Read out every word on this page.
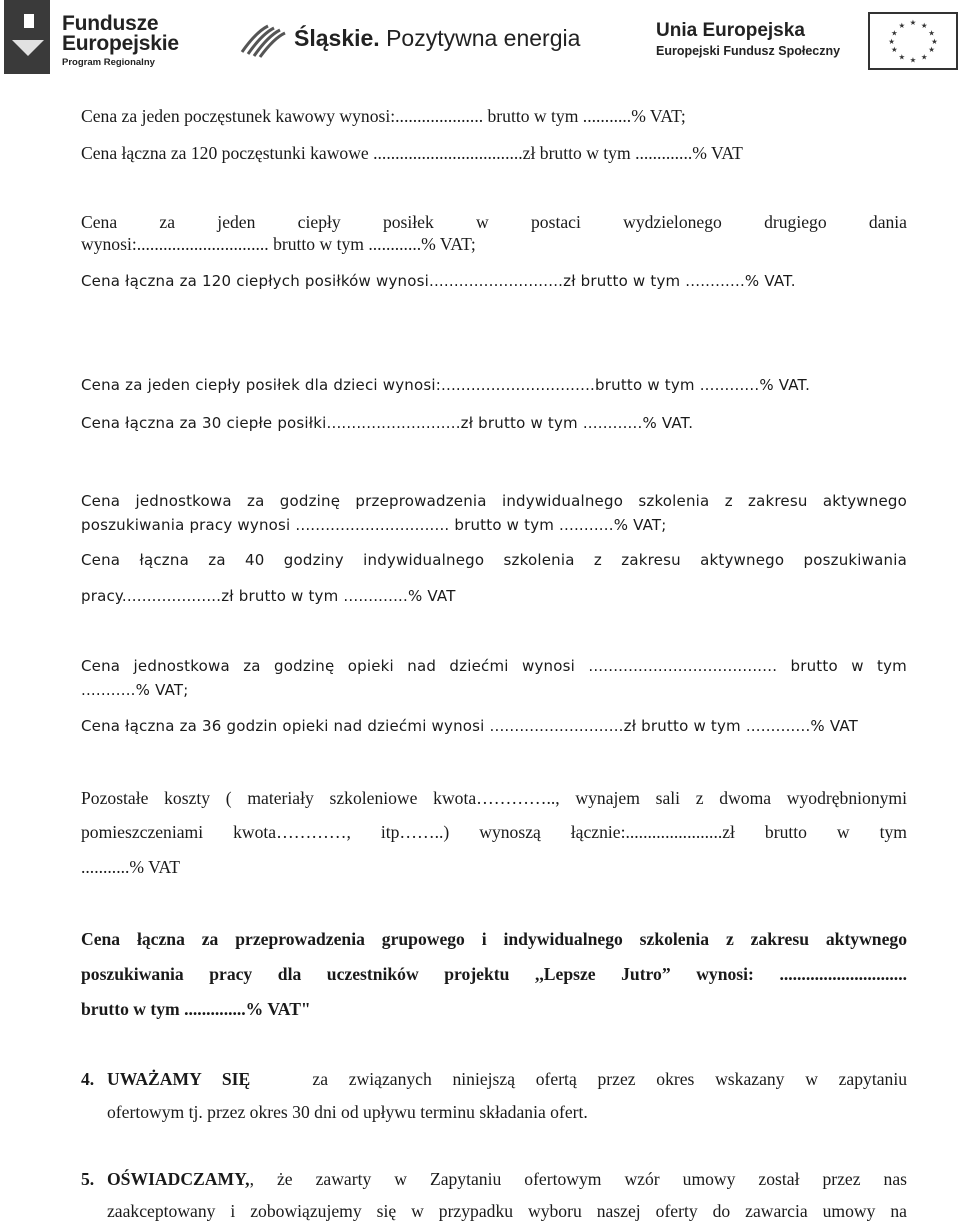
Fundusze
Europejskie
Program Regionalny
Śląskie. Pozytywna energia	Unia Europejska
Europejski Fundusz Społeczny
★ ★
★
★
★
★
★
★
★
★
★
★
Cena za jeden poczęstunek kawowy wynosi:.................... brutto w tym ...........% VAT;
Cena łączna za 120 poczęstunki kawowe ..................................zł brutto w tym .............% VAT
Cena za jeden ciepły posiłek w postaci wydzielonego drugiego dania
wynosi:.............................. brutto w tym ............% VAT;
Cena łączna za 120 ciepłych posiłków wynosi...........................zł brutto w tym ............% VAT.
Cena za jeden ciepły posiłek dla dzieci wynosi:...............................brutto w tym ............% VAT.
Cena łączna za 30 ciepłe posiłki...........................zł brutto w tym ............% VAT.
Cena jednostkowa za godzinę przeprowadzenia indywidualnego szkolenia z zakresu aktywnego
poszukiwania pracy wynosi ............................... brutto w tym ...........% VAT;
Cena łączna za 40 godziny indywidualnego szkolenia z zakresu aktywnego poszukiwania
pracy....................zł brutto w tym .............% VAT
Cena jednostkowa za godzinę opieki nad dziećmi wynosi ...................................... brutto w tym
...........% VAT;
Cena łączna za 36 godzin opieki nad dziećmi wynosi ...........................zł brutto w tym .............% VAT
Pozostałe koszty ( materiały szkoleniowe kwota………….., wynajem sali z dwoma wyodrębnionymi
pomieszczeniami kwota…………, itp……..) wynoszą łącznie:......................zł brutto w tym
...........% VAT
Cena łączna za przeprowadzenia grupowego i indywidualnego szkolenia z zakresu aktywnego
poszukiwania pracy dla uczestników projektu ,,Lepsze Jutro” wynosi: .............................
brutto w tym ..............% VAT"
4. UWAŻAMY SIĘ	za związanych niniejszą ofertą przez okres wskazany w zapytaniu
ofertowym tj. przez okres 30 dni od upływu terminu składania ofert.
5. OŚWIADCZAMY,, że zawarty w Zapytaniu ofertowym wzór umowy został przez nas
zaakceptowany i zobowiązujemy się w przypadku wyboru naszej oferty do zawarcia umowy na
